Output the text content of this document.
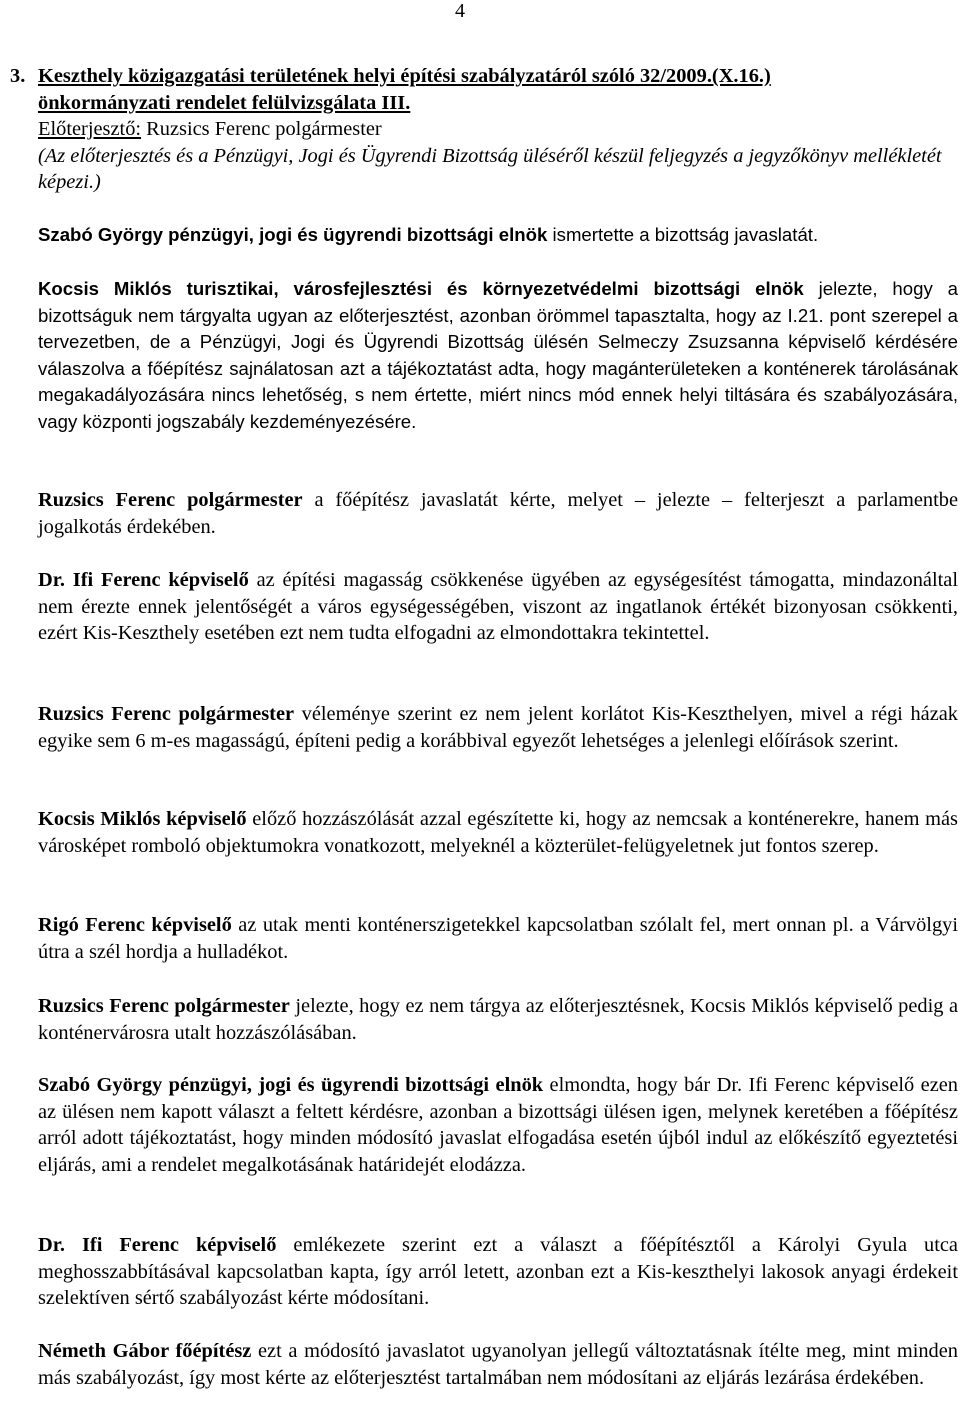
4
3. Keszthely közigazgatási területének helyi építési szabályzatáról szóló 32/2009.(X.16.)
önkormányzati rendelet felülvizsgálata III.
Előterjesztő: Ruzsics Ferenc polgármester
(Az előterjesztés és a Pénzügyi, Jogi és Ügyrendi Bizottság üléséről készül feljegyzés a jegyzőkönyv mellékletét képezi.)
Szabó György pénzügyi, jogi és ügyrendi bizottsági elnök ismertette a bizottság javaslatát.
Kocsis Miklós turisztikai, városfejlesztési és környezetvédelmi bizottsági elnök jelezte, hogy a bizottságuk nem tárgyalta ugyan az előterjesztést, azonban örömmel tapasztalta, hogy az I.21. pont szerepel a tervezetben, de a Pénzügyi, Jogi és Ügyrendi Bizottság ülésén Selmeczy Zsuzsanna képviselő kérdésére válaszolva a főépítész sajnálatosan azt a tájékoztatást adta, hogy magánterületeken a konténerek tárolásának megakadályozására nincs lehetőség, s nem értette, miért nincs mód ennek helyi tiltására és szabályozására, vagy központi jogszabály kezdeményezésére.
Ruzsics Ferenc polgármester a főépítész javaslatát kérte, melyet – jelezte – felterjeszt a parlamentbe jogalkotás érdekében.
Dr. Ifi Ferenc képviselő az építési magasság csökkenése ügyében az egységesítést támogatta, mindazonáltal nem érezte ennek jelentőségét a város egységességében, viszont az ingatlanok értékét bizonyosan csökkenti, ezért Kis-Keszthely esetében ezt nem tudta elfogadni az elmondottakra tekintettel.
Ruzsics Ferenc polgármester véleménye szerint ez nem jelent korlátot Kis-Keszthelyen, mivel a régi házak egyike sem 6 m-es magasságú, építeni pedig a korábbival egyezőt lehetséges a jelenlegi előírások szerint.
Kocsis Miklós képviselő előző hozzászólását azzal egészítette ki, hogy az nemcsak a konténerekre, hanem más városképet romboló objektumokra vonatkozott, melyeknél a közterület-felügyeletnek jut fontos szerep.
Rigó Ferenc képviselő az utak menti konténerszigetekkel kapcsolatban szólalt fel, mert onnan pl. a Várvölgyi útra a szél hordja a hulladékot.
Ruzsics Ferenc polgármester jelezte, hogy ez nem tárgya az előterjesztésnek, Kocsis Miklós képviselő pedig a konténervárosra utalt hozzászólásában.
Szabó György pénzügyi, jogi és ügyrendi bizottsági elnök elmondta, hogy bár Dr. Ifi Ferenc képviselő ezen az ülésen nem kapott választ a feltett kérdésre, azonban a bizottsági ülésen igen, melynek keretében a főépítész arról adott tájékoztatást, hogy minden módosító javaslat elfogadása esetén újból indul az előkészítő egyeztetési eljárás, ami a rendelet megalkotásának határidejét elodázza.
Dr. Ifi Ferenc képviselő emlékezete szerint ezt a választ a főépítésztől a Károlyi Gyula utca meghosszabbításával kapcsolatban kapta, így arról letett, azonban ezt a Kis-keszthelyi lakosok anyagi érdekeit szelektíven sértő szabályozást kérte módosítani.
Németh Gábor főépítész ezt a módosító javaslatot ugyanolyan jellegű változtatásnak ítélte meg, mint minden más szabályozást, így most kérte az előterjesztést tartalmában nem módosítani az eljárás lezárása érdekében.
